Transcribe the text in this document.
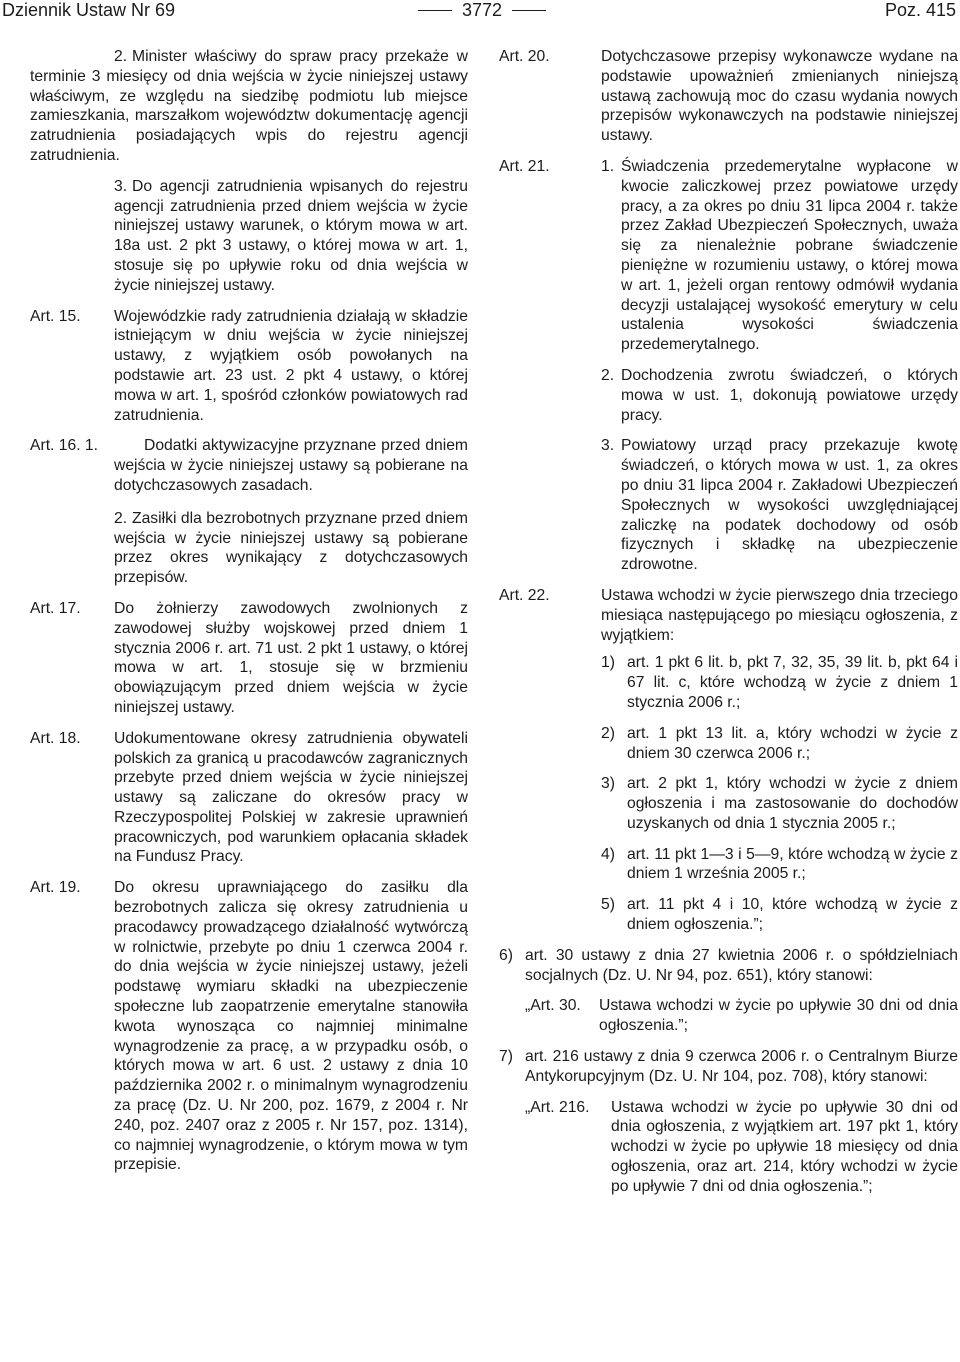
Dziennik Ustaw Nr 69	3772	Poz. 415
2. Minister właściwy do spraw pracy przekaże w terminie 3 miesięcy od dnia wejścia w życie niniejszej ustawy właściwym, ze względu na siedzibę podmiotu lub miejsce zamieszkania, marszałkom województw dokumentację agencji zatrudnienia posiadających wpis do rejestru agencji zatrudnienia.
3. Do agencji zatrudnienia wpisanych do rejestru agencji zatrudnienia przed dniem wejścia w życie niniejszej ustawy warunek, o którym mowa w art. 18a ust. 2 pkt 3 ustawy, o której mowa w art. 1, stosuje się po upływie roku od dnia wejścia w życie niniejszej ustawy.
Art. 15. Wojewódzkie rady zatrudnienia działają w składzie istniejącym w dniu wejścia w życie niniejszej ustawy, z wyjątkiem osób powołanych na podstawie art. 23 ust. 2 pkt 4 ustawy, o której mowa w art. 1, spośród członków powiatowych rad zatrudnienia.
Art. 16. 1.	Dodatki aktywizacyjne przyznane przed dniem wejścia w życie niniejszej ustawy są pobierane na dotychczasowych zasadach.
2. Zasiłki dla bezrobotnych przyznane przed dniem wejścia w życie niniejszej ustawy są pobierane przez okres wynikający z dotychczasowych przepisów.
Art. 17. Do żołnierzy zawodowych zwolnionych z zawodowej służby wojskowej przed dniem 1 stycznia 2006 r. art. 71 ust. 2 pkt 1 ustawy, o której mowa w art. 1, stosuje się w brzmieniu obowiązującym przed dniem wejścia w życie niniejszej ustawy.
Art. 18. Udokumentowane okresy zatrudnienia obywateli polskich za granicą u pracodawców zagranicznych przebyte przed dniem wejścia w życie niniejszej ustawy są zaliczane do okresów pracy w Rzeczypospolitej Polskiej w zakresie uprawnień pracowniczych, pod warunkiem opłacania składek na Fundusz Pracy.
Art. 19. Do okresu uprawniającego do zasiłku dla bezrobotnych zalicza się okresy zatrudnienia u pracodawcy prowadzącego działalność wytwórczą w rolnictwie, przebyte po dniu 1 czerwca 2004 r. do dnia wejścia w życie niniejszej ustawy, jeżeli podstawę wymiaru składki na ubezpieczenie społeczne lub zaopatrzenie emerytalne stanowiła kwota wynosząca co najmniej minimalne wynagrodzenie za pracę, a w przypadku osób, o których mowa w art. 6 ust. 2 ustawy z dnia 10 października 2002 r. o minimalnym wynagrodzeniu za pracę (Dz. U. Nr 200, poz. 1679, z 2004 r. Nr 240, poz. 2407 oraz z 2005 r. Nr 157, poz. 1314), co najmniej wynagrodzenie, o którym mowa w tym przepisie.
Art. 20.	Dotychczasowe przepisy wykonawcze wydane na podstawie upoważnień zmienianych niniejszą ustawą zachowują moc do czasu wydania nowych przepisów wykonawczych na podstawie niniejszej ustawy.
Art. 21.	1. Świadczenia przedemerytalne wypłacone w kwocie zaliczkowej przez powiatowe urzędy pracy, a za okres po dniu 31 lipca 2004 r. także przez Zakład Ubezpieczeń Społecznych, uważa się za nienależnie pobrane świadczenie pieniężne w rozumieniu ustawy, o której mowa w art. 1, jeżeli organ rentowy odmówił wydania decyzji ustalającej wysokość emerytury w celu ustalenia wysokości świadczenia przedemerytalnego.
2. Dochodzenia zwrotu świadczeń, o których mowa w ust. 1, dokonują powiatowe urzędy pracy.
3. Powiatowy urząd pracy przekazuje kwotę świadczeń, o których mowa w ust. 1, za okres po dniu 31 lipca 2004 r. Zakładowi Ubezpieczeń Społecznych w wysokości uwzględniającej zaliczkę na podatek dochodowy od osób fizycznych i składkę na ubezpieczenie zdrowotne.
Art. 22.	Ustawa wchodzi w życie pierwszego dnia trzeciego miesiąca następującego po miesiącu ogłoszenia, z wyjątkiem:
1) art. 1 pkt 6 lit. b, pkt 7, 32, 35, 39 lit. b, pkt 64 i 67 lit. c, które wchodzą w życie z dniem 1 stycznia 2006 r.;
2) art. 1 pkt 13 lit. a, który wchodzi w życie z dniem 30 czerwca 2006 r.;
3) art. 2 pkt 1, który wchodzi w życie z dniem ogłoszenia i ma zastosowanie do dochodów uzyskanych od dnia 1 stycznia 2005 r.;
4) art. 11 pkt 1—3 i 5—9, które wchodzą w życie z dniem 1 września 2005 r.;
5) art. 11 pkt 4 i 10, które wchodzą w życie z dniem ogłoszenia.”;
6) art. 30 ustawy z dnia 27 kwietnia 2006 r. o spółdzielniach socjalnych (Dz. U. Nr 94, poz. 651), który stanowi:
„Art. 30. Ustawa wchodzi w życie po upływie 30 dni od dnia ogłoszenia.”;
7) art. 216 ustawy z dnia 9 czerwca 2006 r. o Centralnym Biurze Antykorupcyjnym (Dz. U. Nr 104, poz. 708), który stanowi:
„Art. 216. Ustawa wchodzi w życie po upływie 30 dni od dnia ogłoszenia, z wyjątkiem art. 197 pkt 1, który wchodzi w życie po upływie 18 miesięcy od dnia ogłoszenia, oraz art. 214, który wchodzi w życie po upływie 7 dni od dnia ogłoszenia.”;
